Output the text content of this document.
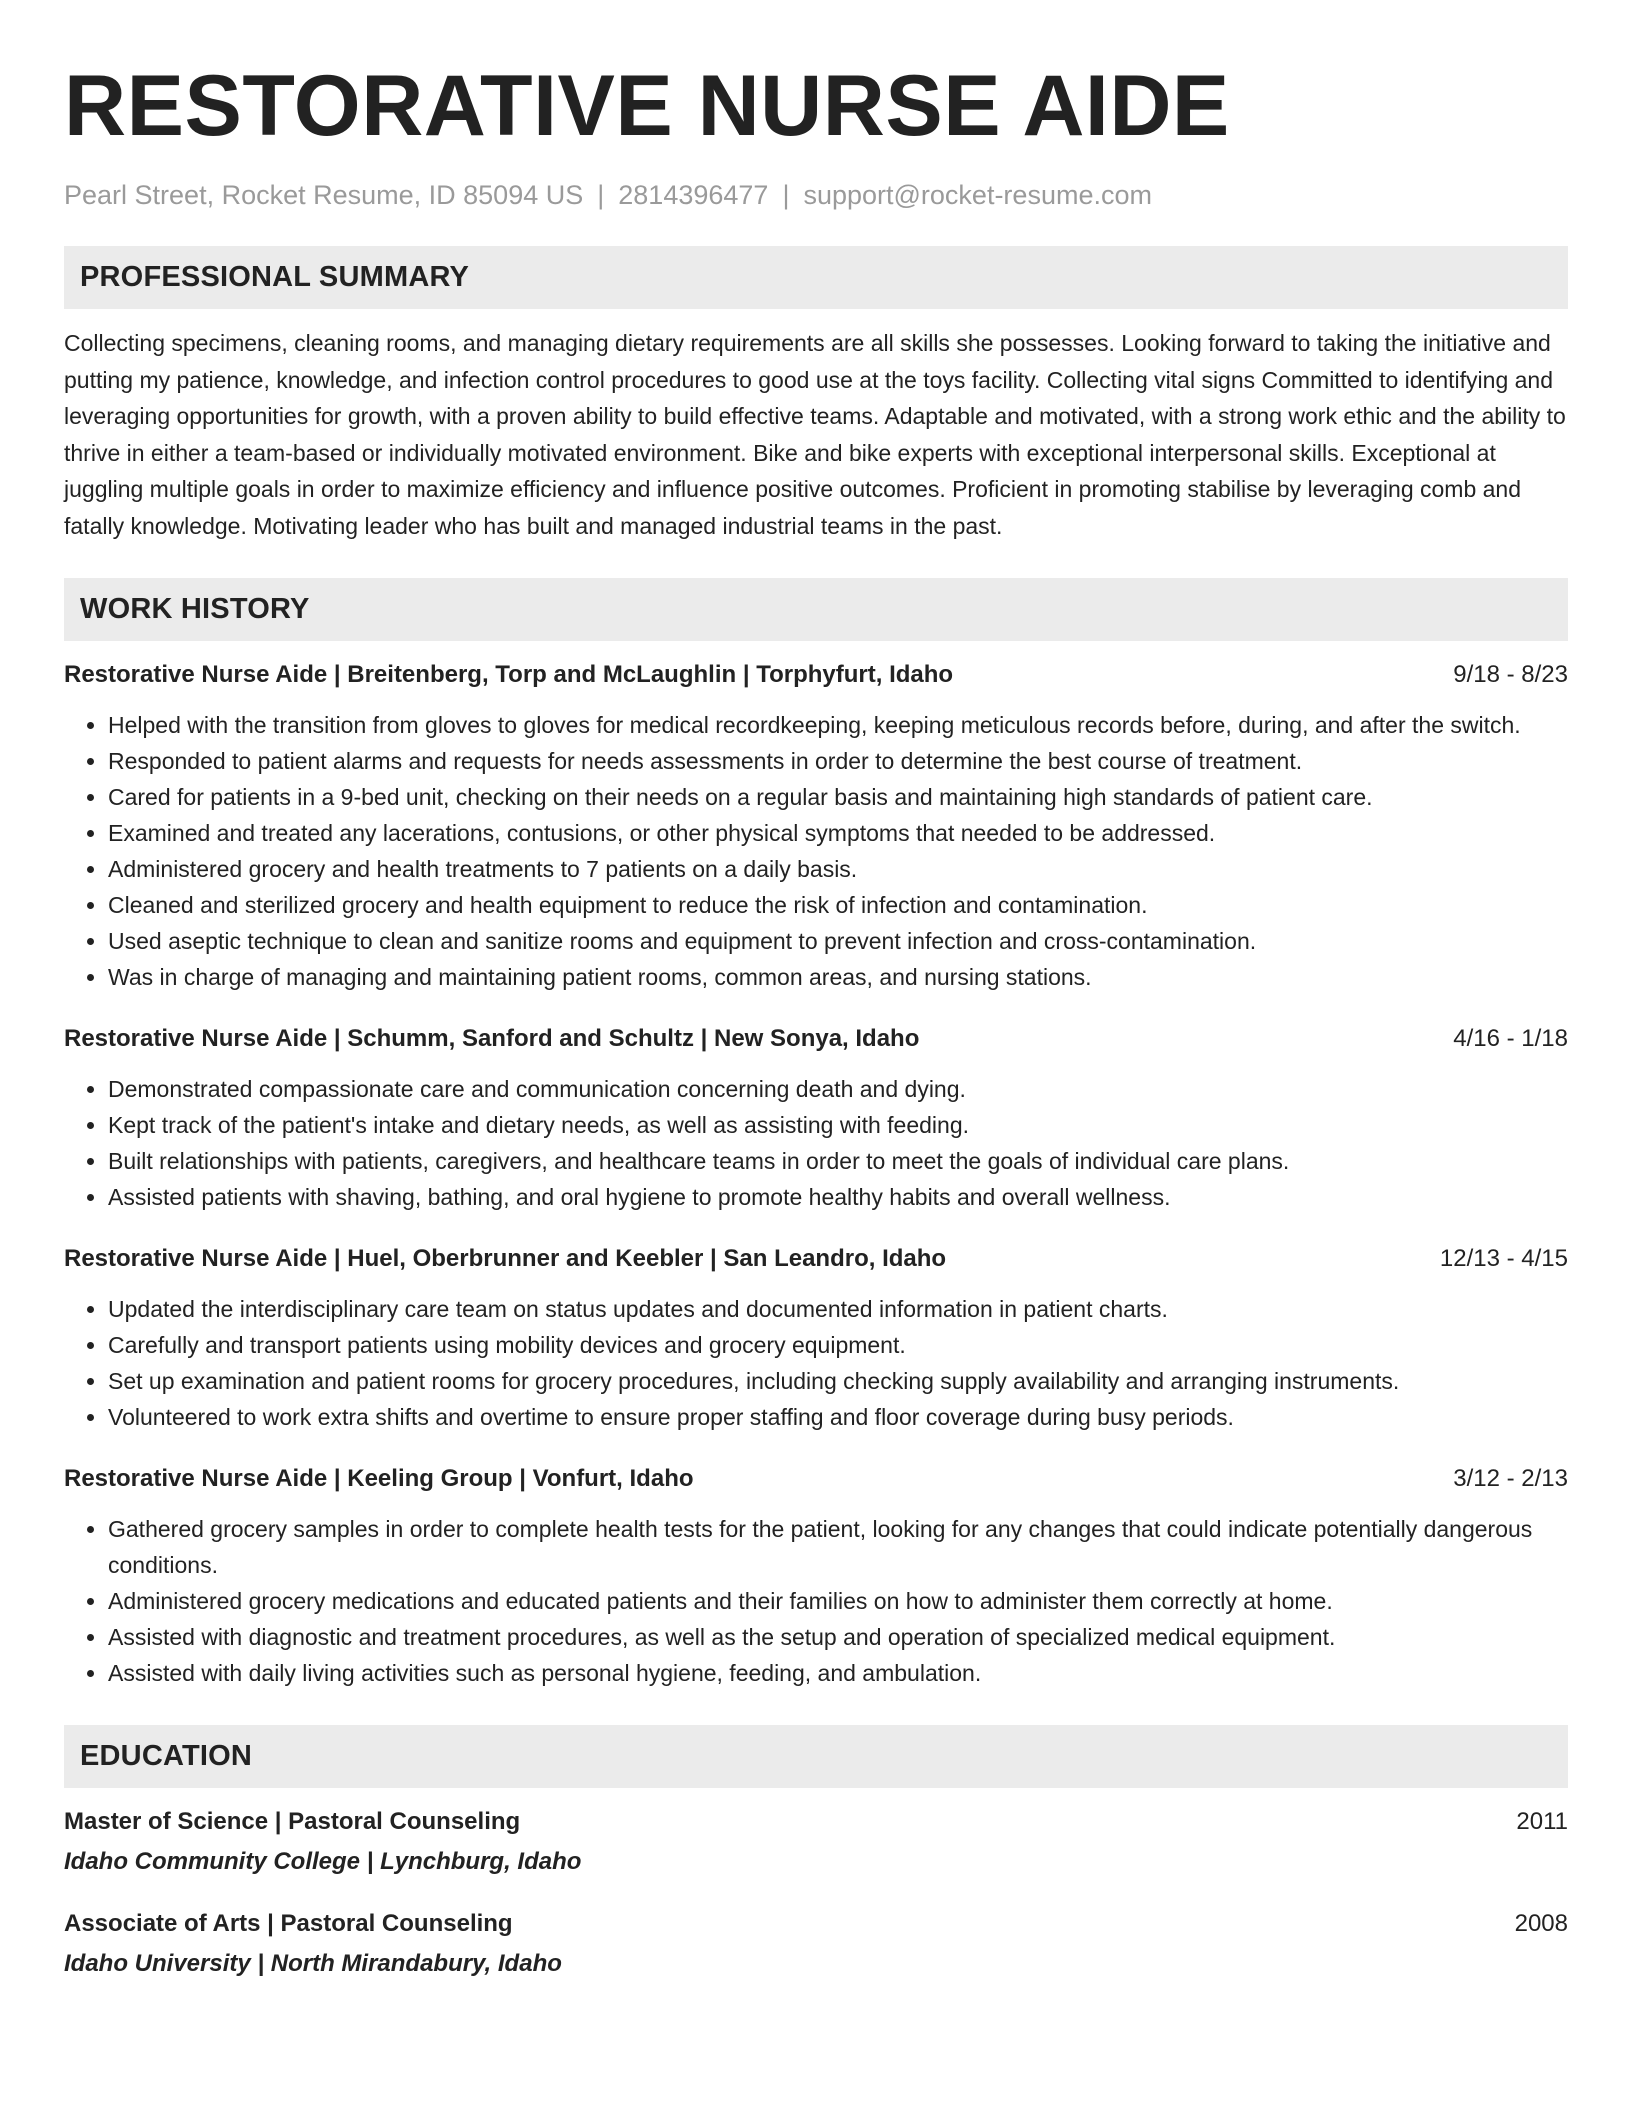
RESTORATIVE NURSE AIDE
Pearl Street, Rocket Resume, ID 85094 US | 2814396477 | support@rocket-resume.com
PROFESSIONAL SUMMARY
Collecting specimens, cleaning rooms, and managing dietary requirements are all skills she possesses. Looking forward to taking the initiative and putting my patience, knowledge, and infection control procedures to good use at the toys facility. Collecting vital signs Committed to identifying and leveraging opportunities for growth, with a proven ability to build effective teams. Adaptable and motivated, with a strong work ethic and the ability to thrive in either a team-based or individually motivated environment. Bike and bike experts with exceptional interpersonal skills. Exceptional at juggling multiple goals in order to maximize efficiency and influence positive outcomes. Proficient in promoting stabilise by leveraging comb and fatally knowledge. Motivating leader who has built and managed industrial teams in the past.
WORK HISTORY
Restorative Nurse Aide | Breitenberg, Torp and McLaughlin | Torphyfurt, Idaho	9/18 - 8/23
• Helped with the transition from gloves to gloves for medical recordkeeping, keeping meticulous records before, during, and after the switch.
• Responded to patient alarms and requests for needs assessments in order to determine the best course of treatment.
• Cared for patients in a 9-bed unit, checking on their needs on a regular basis and maintaining high standards of patient care.
• Examined and treated any lacerations, contusions, or other physical symptoms that needed to be addressed.
• Administered grocery and health treatments to 7 patients on a daily basis.
• Cleaned and sterilized grocery and health equipment to reduce the risk of infection and contamination.
• Used aseptic technique to clean and sanitize rooms and equipment to prevent infection and cross-contamination.
• Was in charge of managing and maintaining patient rooms, common areas, and nursing stations.
Restorative Nurse Aide | Schumm, Sanford and Schultz | New Sonya, Idaho	4/16 - 1/18
• Demonstrated compassionate care and communication concerning death and dying.
• Kept track of the patient's intake and dietary needs, as well as assisting with feeding.
• Built relationships with patients, caregivers, and healthcare teams in order to meet the goals of individual care plans.
• Assisted patients with shaving, bathing, and oral hygiene to promote healthy habits and overall wellness.
Restorative Nurse Aide | Huel, Oberbrunner and Keebler | San Leandro, Idaho	12/13 - 4/15
• Updated the interdisciplinary care team on status updates and documented information in patient charts.
• Carefully and transport patients using mobility devices and grocery equipment.
• Set up examination and patient rooms for grocery procedures, including checking supply availability and arranging instruments.
• Volunteered to work extra shifts and overtime to ensure proper staffing and floor coverage during busy periods.
Restorative Nurse Aide | Keeling Group | Vonfurt, Idaho	3/12 - 2/13
• Gathered grocery samples in order to complete health tests for the patient, looking for any changes that could indicate potentially dangerous conditions.
• Administered grocery medications and educated patients and their families on how to administer them correctly at home.
• Assisted with diagnostic and treatment procedures, as well as the setup and operation of specialized medical equipment.
• Assisted with daily living activities such as personal hygiene, feeding, and ambulation.
EDUCATION
Master of Science | Pastoral Counseling	2011
Idaho Community College | Lynchburg, Idaho
Associate of Arts | Pastoral Counseling	2008
Idaho University | North Mirandabury, Idaho
